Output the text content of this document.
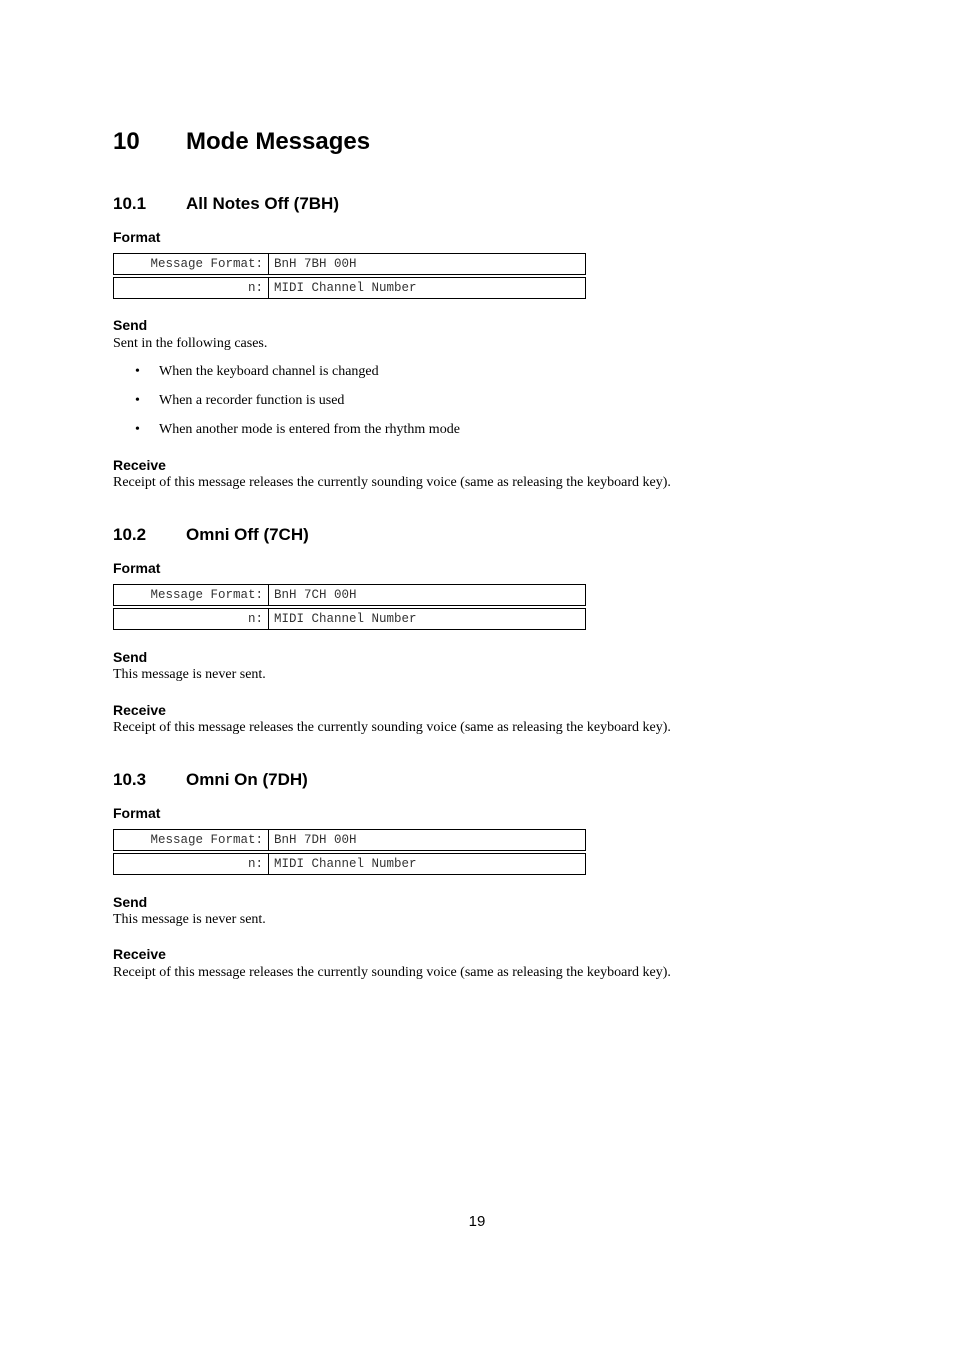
10 Mode Messages
10.1 All Notes Off (7BH)
Format
Message Format:	BnH 7BH 00H

n:	MIDI Channel Number
Send
Sent in the following cases.
• When the keyboard channel is changed
• When a recorder function is used
• When another mode is entered from the rhythm mode
Receive
Receipt of this message releases the currently sounding voice (same as releasing the keyboard key).
10.2 Omni Off (7CH)
Format
Message Format:	BnH 7CH 00H

n:	MIDI Channel Number
Send
This message is never sent.
Receive
Receipt of this message releases the currently sounding voice (same as releasing the keyboard key).
10.3 Omni On (7DH)
Format
Message Format:	BnH 7DH 00H

n:	MIDI Channel Number
Send
This message is never sent.
Receive
Receipt of this message releases the currently sounding voice (same as releasing the keyboard key).
19
